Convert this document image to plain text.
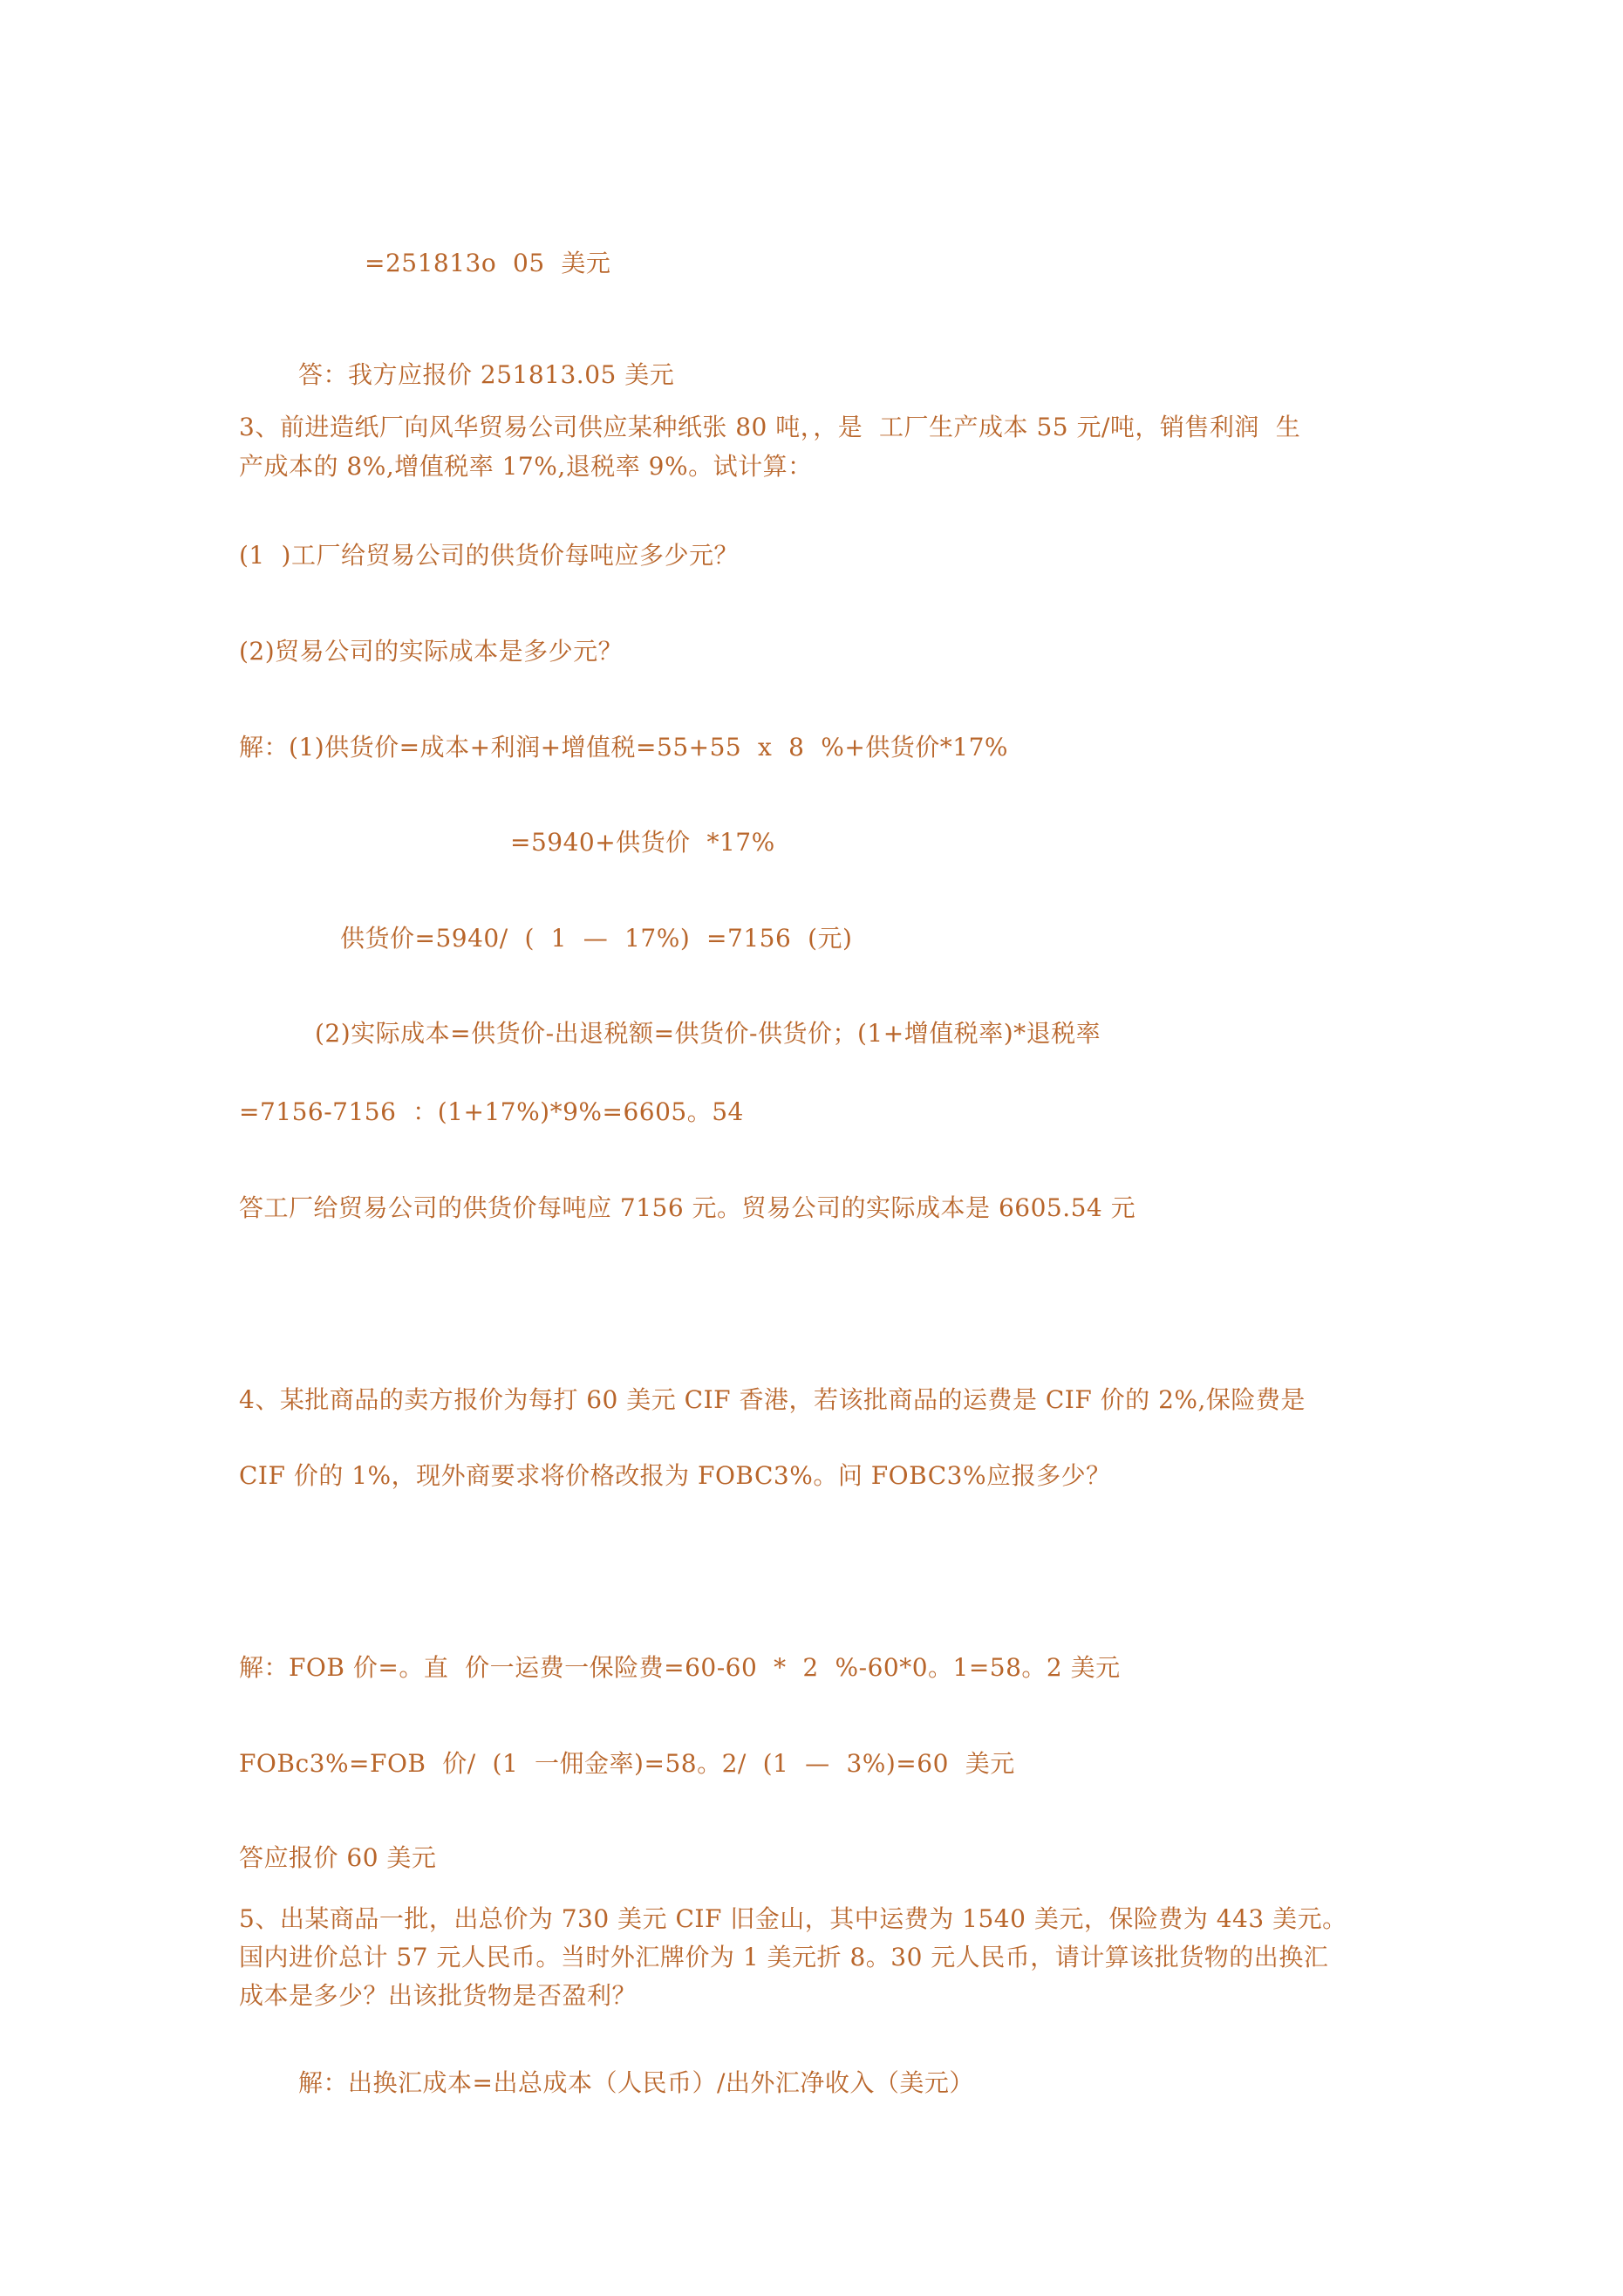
=251813o  05  美元
答：我方应报价 251813.05 美元
3、前进造纸厂向风华贸易公司供应某种纸张 80 吨，，是  工厂生产成本 55 元/吨，销售利润  生
产成本的 8%,增值税率 17%,退税率 9%。试计算：
(1  )工厂给贸易公司的供货价每吨应多少元？
(2)贸易公司的实际成本是多少元？
解：(1)供货价=成本+利润+增值税=55+55  x  8  %+供货价*17%
=5940+供货价  *17%
供货价=5940/  (  1  —  17%)  =7156  (元)
(2)实际成本=供货价-出退税额=供货价-供货价；(1+增值税率)*退税率
=7156-7156  ：(1+17%)*9%=6605。54
答工厂给贸易公司的供货价每吨应 7156 元。贸易公司的实际成本是 6605.54 元
4、某批商品的卖方报价为每打 60 美元 CIF 香港，若该批商品的运费是 CIF 价的 2%,保险费是
CIF 价的 1%，现外商要求将价格改报为 FOBC3%。问 FOBC3%应报多少？
解：FOB 价=。直  价一运费一保险费=60-60  *  2  %-60*0。1=58。2 美元
FOBc3%=FOB  价/  (1  一佣金率)=58。2/  (1  —  3%)=60  美元
答应报价 60 美元
5、出某商品一批，出总价为 730 美元 CIF 旧金山，其中运费为 1540 美元，保险费为 443 美元。
国内进价总计 57 元人民币。当时外汇牌价为 1 美元折 8。30 元人民币，请计算该批货物的出换汇
成本是多少？出该批货物是否盈利？
解：出换汇成本=出总成本（人民币）/出外汇净收入（美元）
